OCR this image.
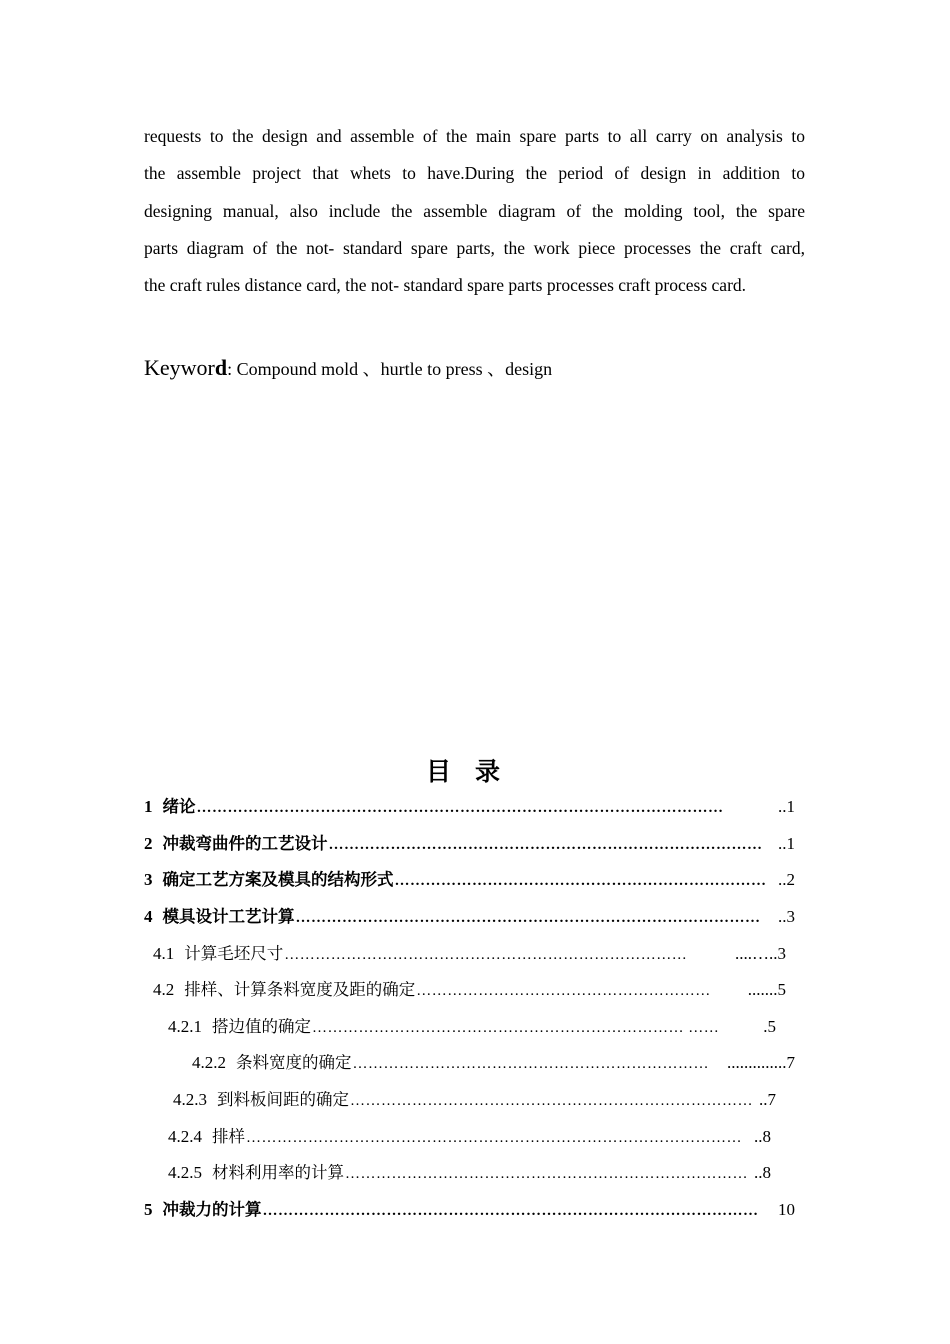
requests to the design and assemble of the main spare parts to all carry on analysis to
the assemble project that whets to have.During the period of design in addition to
designing manual, also include the assemble diagram of the molding tool, the spare
parts diagram of the not- standard spare parts, the work piece processes the craft card,
the craft rules distance card, the not- standard spare parts processes craft process card.
Keyword: Compound mold 、hurtle to press 、design
目录
1 绪论 …………………………………………………………………………………………	..1
2 冲裁弯曲件的工艺设计 ………………………………………………………………………… ..1
3 确定工艺方案及模具的结构形式 ……………………………………………………………… ..2
4 模具设计工艺计算 ………………………………………………………………………………	..3
4.1 计算毛坯尺寸 ……………………………………………………………………	....…..3
4.2 排样、计算条料宽度及距的确定 …………………………………………………	.......5
4.2.1 搭边值的确定 ……………………………………………………………… ……	.5
4.2.2 条料宽度的确定 ……………………………………………………………	..............7
4.2.3 到料板间距的确定 …………………………………………………………………… ..7
4.2.4 排样 …………………………………………………………………………………… ..8
4.2.5 材料利用率的计算 …………………………………………………………………… ..8
5 冲裁力的计算 ……………………………………………………………………………………	10
